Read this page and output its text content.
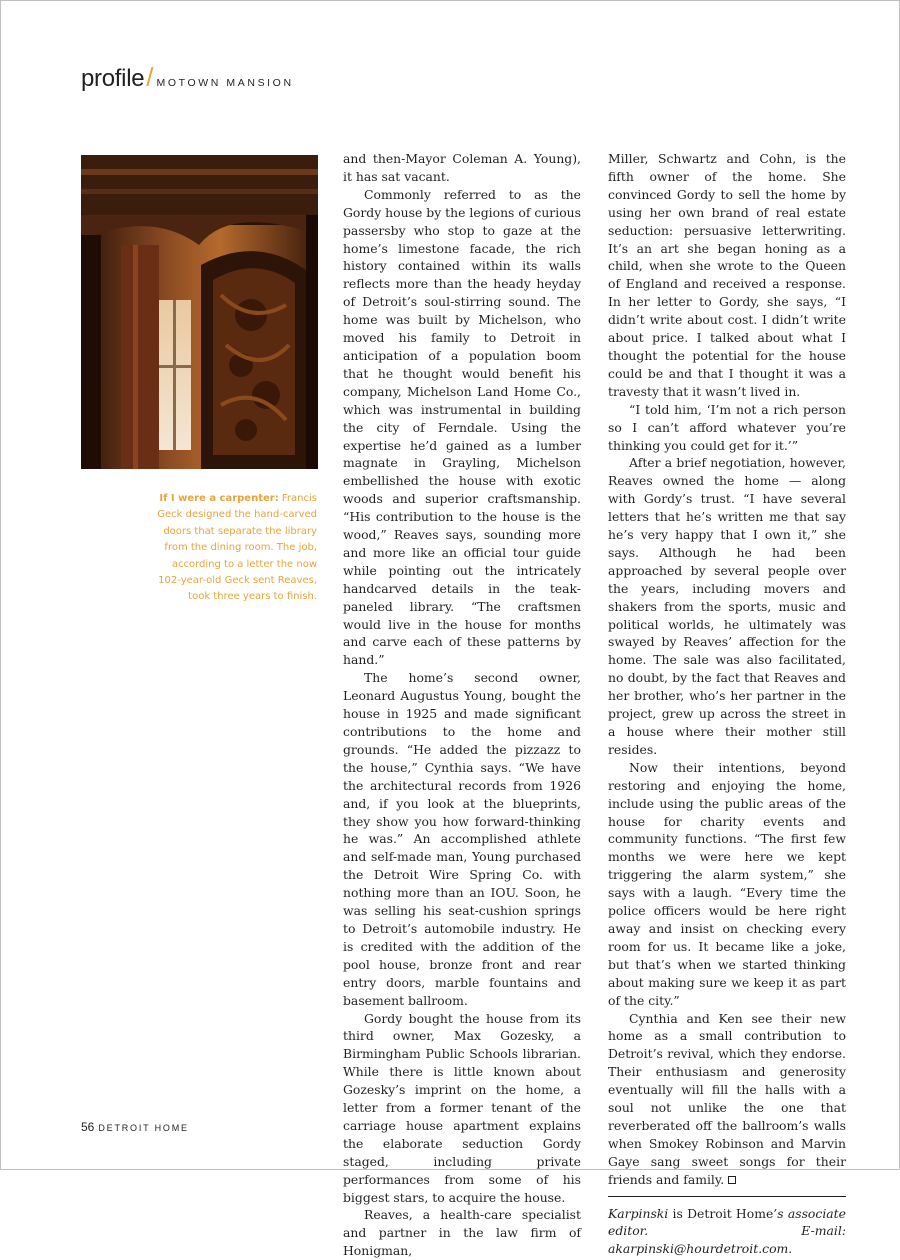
profile/ MOTOWN MANSION
If I were a carpenter: Francis Geck designed the hand-carved doors that separate the library from the dining room. The job, according to a letter the now 102-year-old Geck sent Reaves, took three years to finish.

and then-Mayor Coleman A. Young), it has sat vacant.

Commonly referred to as the Gordy house by the legions of curious passersby who stop to gaze at the home’s limestone facade, the rich history contained within its walls reflects more than the heady heyday of Detroit’s soul-stirring sound. The home was built by Michelson, who moved his family to Detroit in anticipation of a population boom that he thought would benefit his company, Michelson Land Home Co., which was instrumental in building the city of Ferndale. Using the expertise he’d gained as a lumber magnate in Grayling, Michelson embellished the house with exotic woods and superior craftsmanship. “His contribution to the house is the wood,” Reaves says, sounding more and more like an official tour guide while pointing out the intricately handcarved details in the teak-paneled library. “The craftsmen would live in the house for months and carve each of these patterns by hand.”

The home’s second owner, Leonard Augustus Young, bought the house in 1925 and made significant contributions to the home and grounds. “He added the pizzazz to the house,” Cynthia says. “We have the architectural records from 1926 and, if you look at the blueprints, they show you how forward-thinking he was.” An accomplished athlete and self-made man, Young purchased the Detroit Wire Spring Co. with nothing more than an IOU. Soon, he was selling his seat-cushion springs to Detroit’s automobile industry. He is credited with the addition of the pool house, bronze front and rear entry doors, marble fountains and basement ballroom.

Gordy bought the house from its third owner, Max Gozesky, a Birmingham Public Schools librarian. While there is little known about Gozesky’s imprint on the home, a letter from a former tenant of the carriage house apartment explains the elaborate seduction Gordy staged, including private performances from some of his biggest stars, to acquire the house.

Reaves, a health-care specialist and partner in the law firm of Honigman,

Miller, Schwartz and Cohn, is the fifth owner of the home. She convinced Gordy to sell the home by using her own brand of real estate seduction: persuasive letterwriting. It’s an art she began honing as a child, when she wrote to the Queen of England and received a response. In her letter to Gordy, she says, “I didn’t write about cost. I didn’t write about price. I talked about what I thought the potential for the house could be and that I thought it was a travesty that it wasn’t lived in.

“I told him, ‘I’m not a rich person so I can’t afford whatever you’re thinking you could get for it.’”

After a brief negotiation, however, Reaves owned the home — along with Gordy’s trust. “I have several letters that he’s written me that say he’s very happy that I own it,” she says. Although he had been approached by several people over the years, including movers and shakers from the sports, music and political worlds, he ultimately was swayed by Reaves’ affection for the home. The sale was also facilitated, no doubt, by the fact that Reaves and her brother, who’s her partner in the project, grew up across the street in a house where their mother still resides.

Now their intentions, beyond restoring and enjoying the home, include using the public areas of the house for charity events and community functions. “The first few months we were here we kept triggering the alarm system,” she says with a laugh. “Every time the police officers would be here right away and insist on checking every room for us. It became like a joke, but that’s when we started thinking about making sure we keep it as part of the city.”

Cynthia and Ken see their new home as a small contribution to Detroit’s revival, which they endorse. Their enthusiasm and generosity eventually will fill the halls with a soul not unlike the one that reverberated off the ballroom’s walls when Smokey Robinson and Marvin Gaye sang sweet songs for their friends and family.

Karpinski is Detroit Home’s associate editor. E-mail: akarpinski@hourdetroit.com.

56 DETROIT HOME
